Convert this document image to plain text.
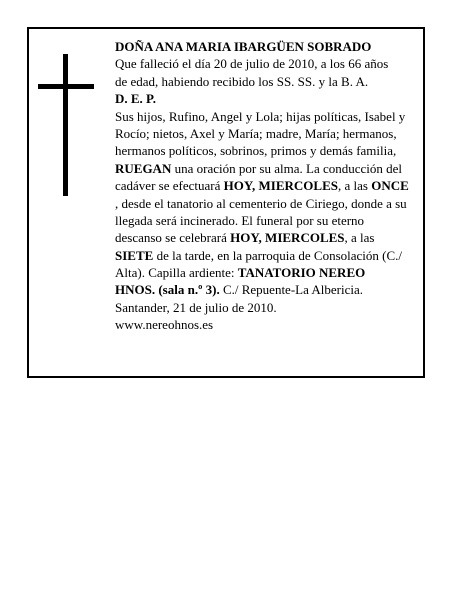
DOÑA ANA MARIA IBARGÜEN SOBRADO
Que falleció el día 20 de julio de 2010, a los 66 años
de edad, habiendo recibido los SS. SS. y la B. A.
D. E. P.
Sus hijos, Rufino, Angel y Lola; hijas políticas, Isabel y
Rocío; nietos, Axel y María; madre, María; hermanos,
hermanos políticos, sobrinos, primos y demás familia,
RUEGAN una oración por su alma. La conducción del
cadáver se efectuará HOY, MIERCOLES, a las ONCE
, desde el tanatorio al cementerio de Ciriego, donde a su
llegada será incinerado. El funeral por su eterno
descanso se celebrará HOY, MIERCOLES, a las
SIETE de la tarde, en la parroquia de Consolación (C./
Alta). Capilla ardiente: TANATORIO NEREO
HNOS. (sala n.º 3). C./ Repuente-La Albericia.
Santander, 21 de julio de 2010.
www.nereohnos.es
